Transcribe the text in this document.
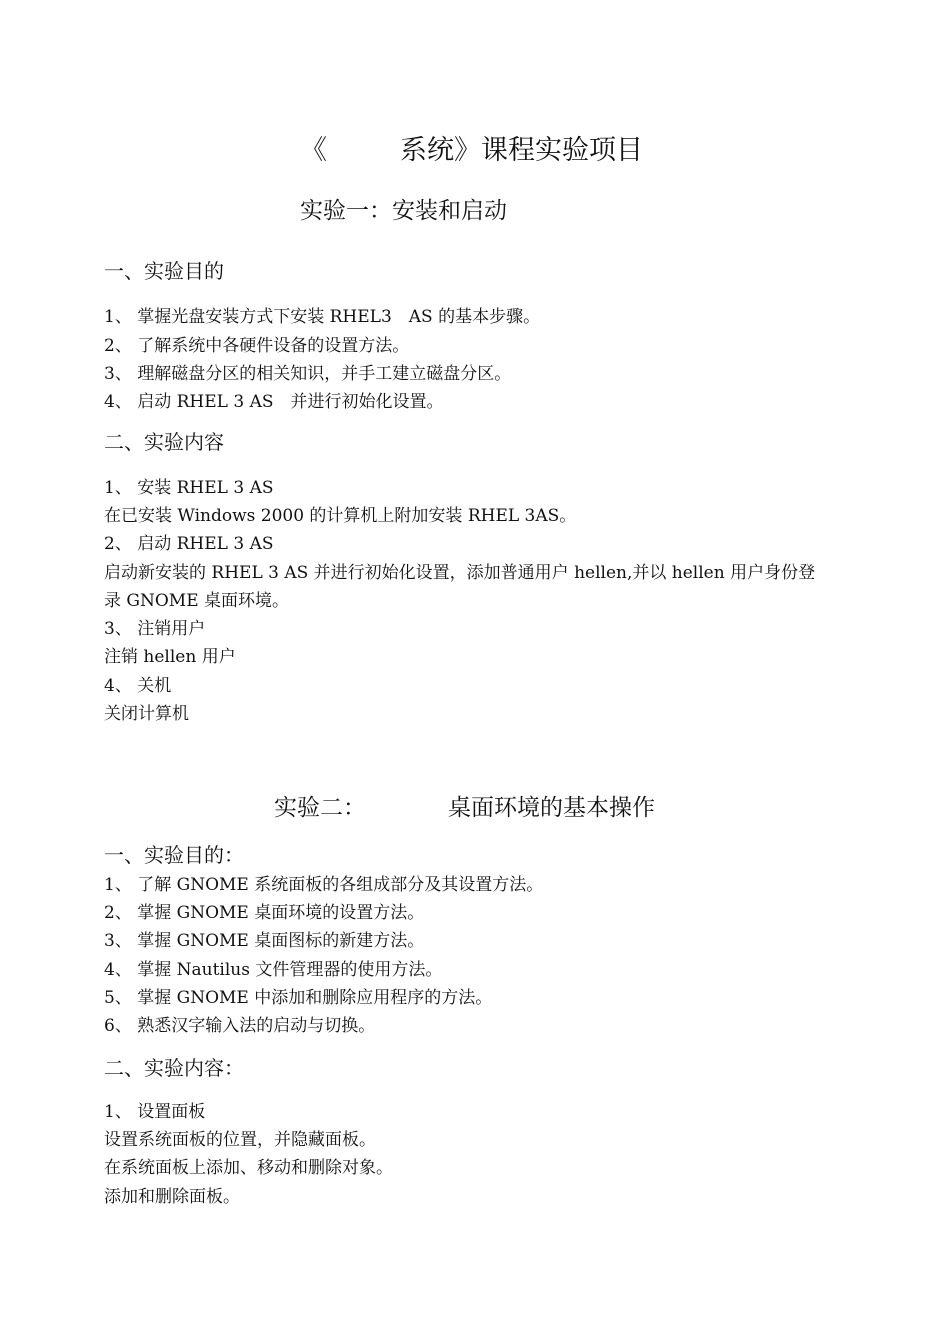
《	系统》课程实验项目
实验一：安装和启动
一、实验目的
1、 掌握光盘安装方式下安装 RHEL3　AS 的基本步骤。
2、 了解系统中各硬件设备的设置方法。
3、 理解磁盘分区的相关知识，并手工建立磁盘分区。
4、 启动 RHEL 3 AS　并进行初始化设置。
二、实验内容
1、 安装 RHEL 3 AS
在已安装 Windows 2000 的计算机上附加安装 RHEL 3AS。
2、 启动 RHEL 3 AS
启动新安装的 RHEL 3 AS 并进行初始化设置，添加普通用户 hellen,并以 hellen 用户身份登
录 GNOME 桌面环境。
3、 注销用户
注销 hellen 用户
4、 关机
关闭计算机
实验二：	桌面环境的基本操作
一、实验目的：
1、 了解 GNOME 系统面板的各组成部分及其设置方法。
2、 掌握 GNOME 桌面环境的设置方法。
3、 掌握 GNOME 桌面图标的新建方法。
4、 掌握 Nautilus 文件管理器的使用方法。
5、 掌握 GNOME 中添加和删除应用程序的方法。
6、 熟悉汉字输入法的启动与切换。
二、实验内容：
1、 设置面板
设置系统面板的位置，并隐藏面板。
在系统面板上添加、移动和删除对象。
添加和删除面板。
